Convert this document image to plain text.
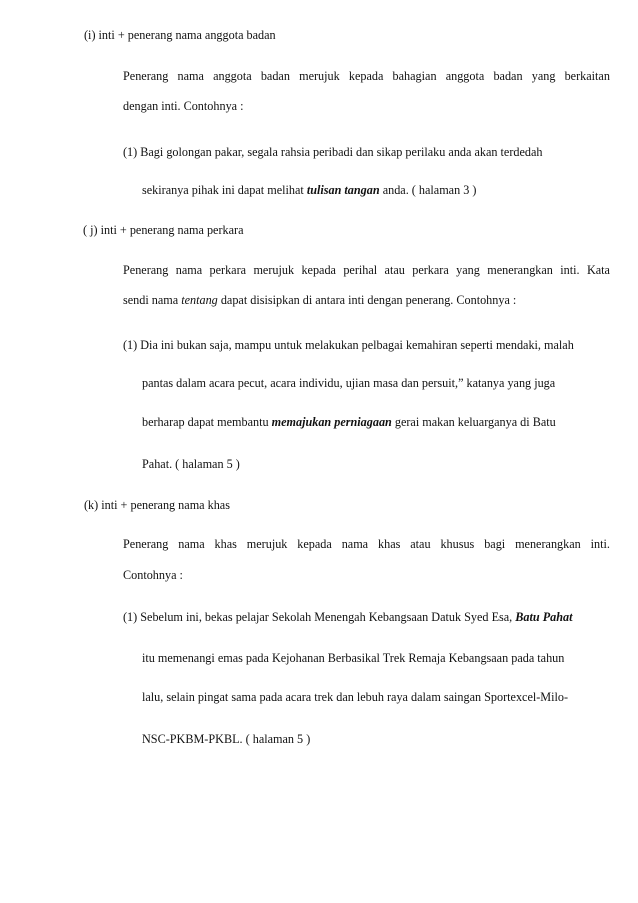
(i) inti + penerang nama anggota badan
Penerang nama anggota badan merujuk kepada bahagian anggota badan yang berkaitan
dengan inti. Contohnya :
(1) Bagi golongan pakar, segala rahsia peribadi dan sikap perilaku anda akan terdedah
sekiranya pihak ini dapat melihat tulisan tangan anda. ( halaman 3 )
( j) inti + penerang nama perkara
Penerang nama perkara merujuk kepada perihal atau perkara yang menerangkan inti. Kata
sendi nama tentang dapat disisipkan di antara inti dengan penerang. Contohnya :
(1) Dia ini bukan saja, mampu untuk melakukan pelbagai kemahiran seperti mendaki, malah
pantas dalam acara pecut, acara individu, ujian masa dan persuit,” katanya yang juga
berharap dapat membantu memajukan perniagaan gerai makan keluarganya di Batu
Pahat. ( halaman 5 )
(k) inti + penerang nama khas
Penerang nama khas merujuk kepada nama khas atau khusus bagi menerangkan inti.
Contohnya :
(1) Sebelum ini, bekas pelajar Sekolah Menengah Kebangsaan Datuk Syed Esa, Batu Pahat
itu memenangi emas pada Kejohanan Berbasikal Trek Remaja Kebangsaan pada tahun
lalu, selain pingat sama pada acara trek dan lebuh raya dalam saingan Sportexcel-Milo-
NSC-PKBM-PKBL. ( halaman 5 )
